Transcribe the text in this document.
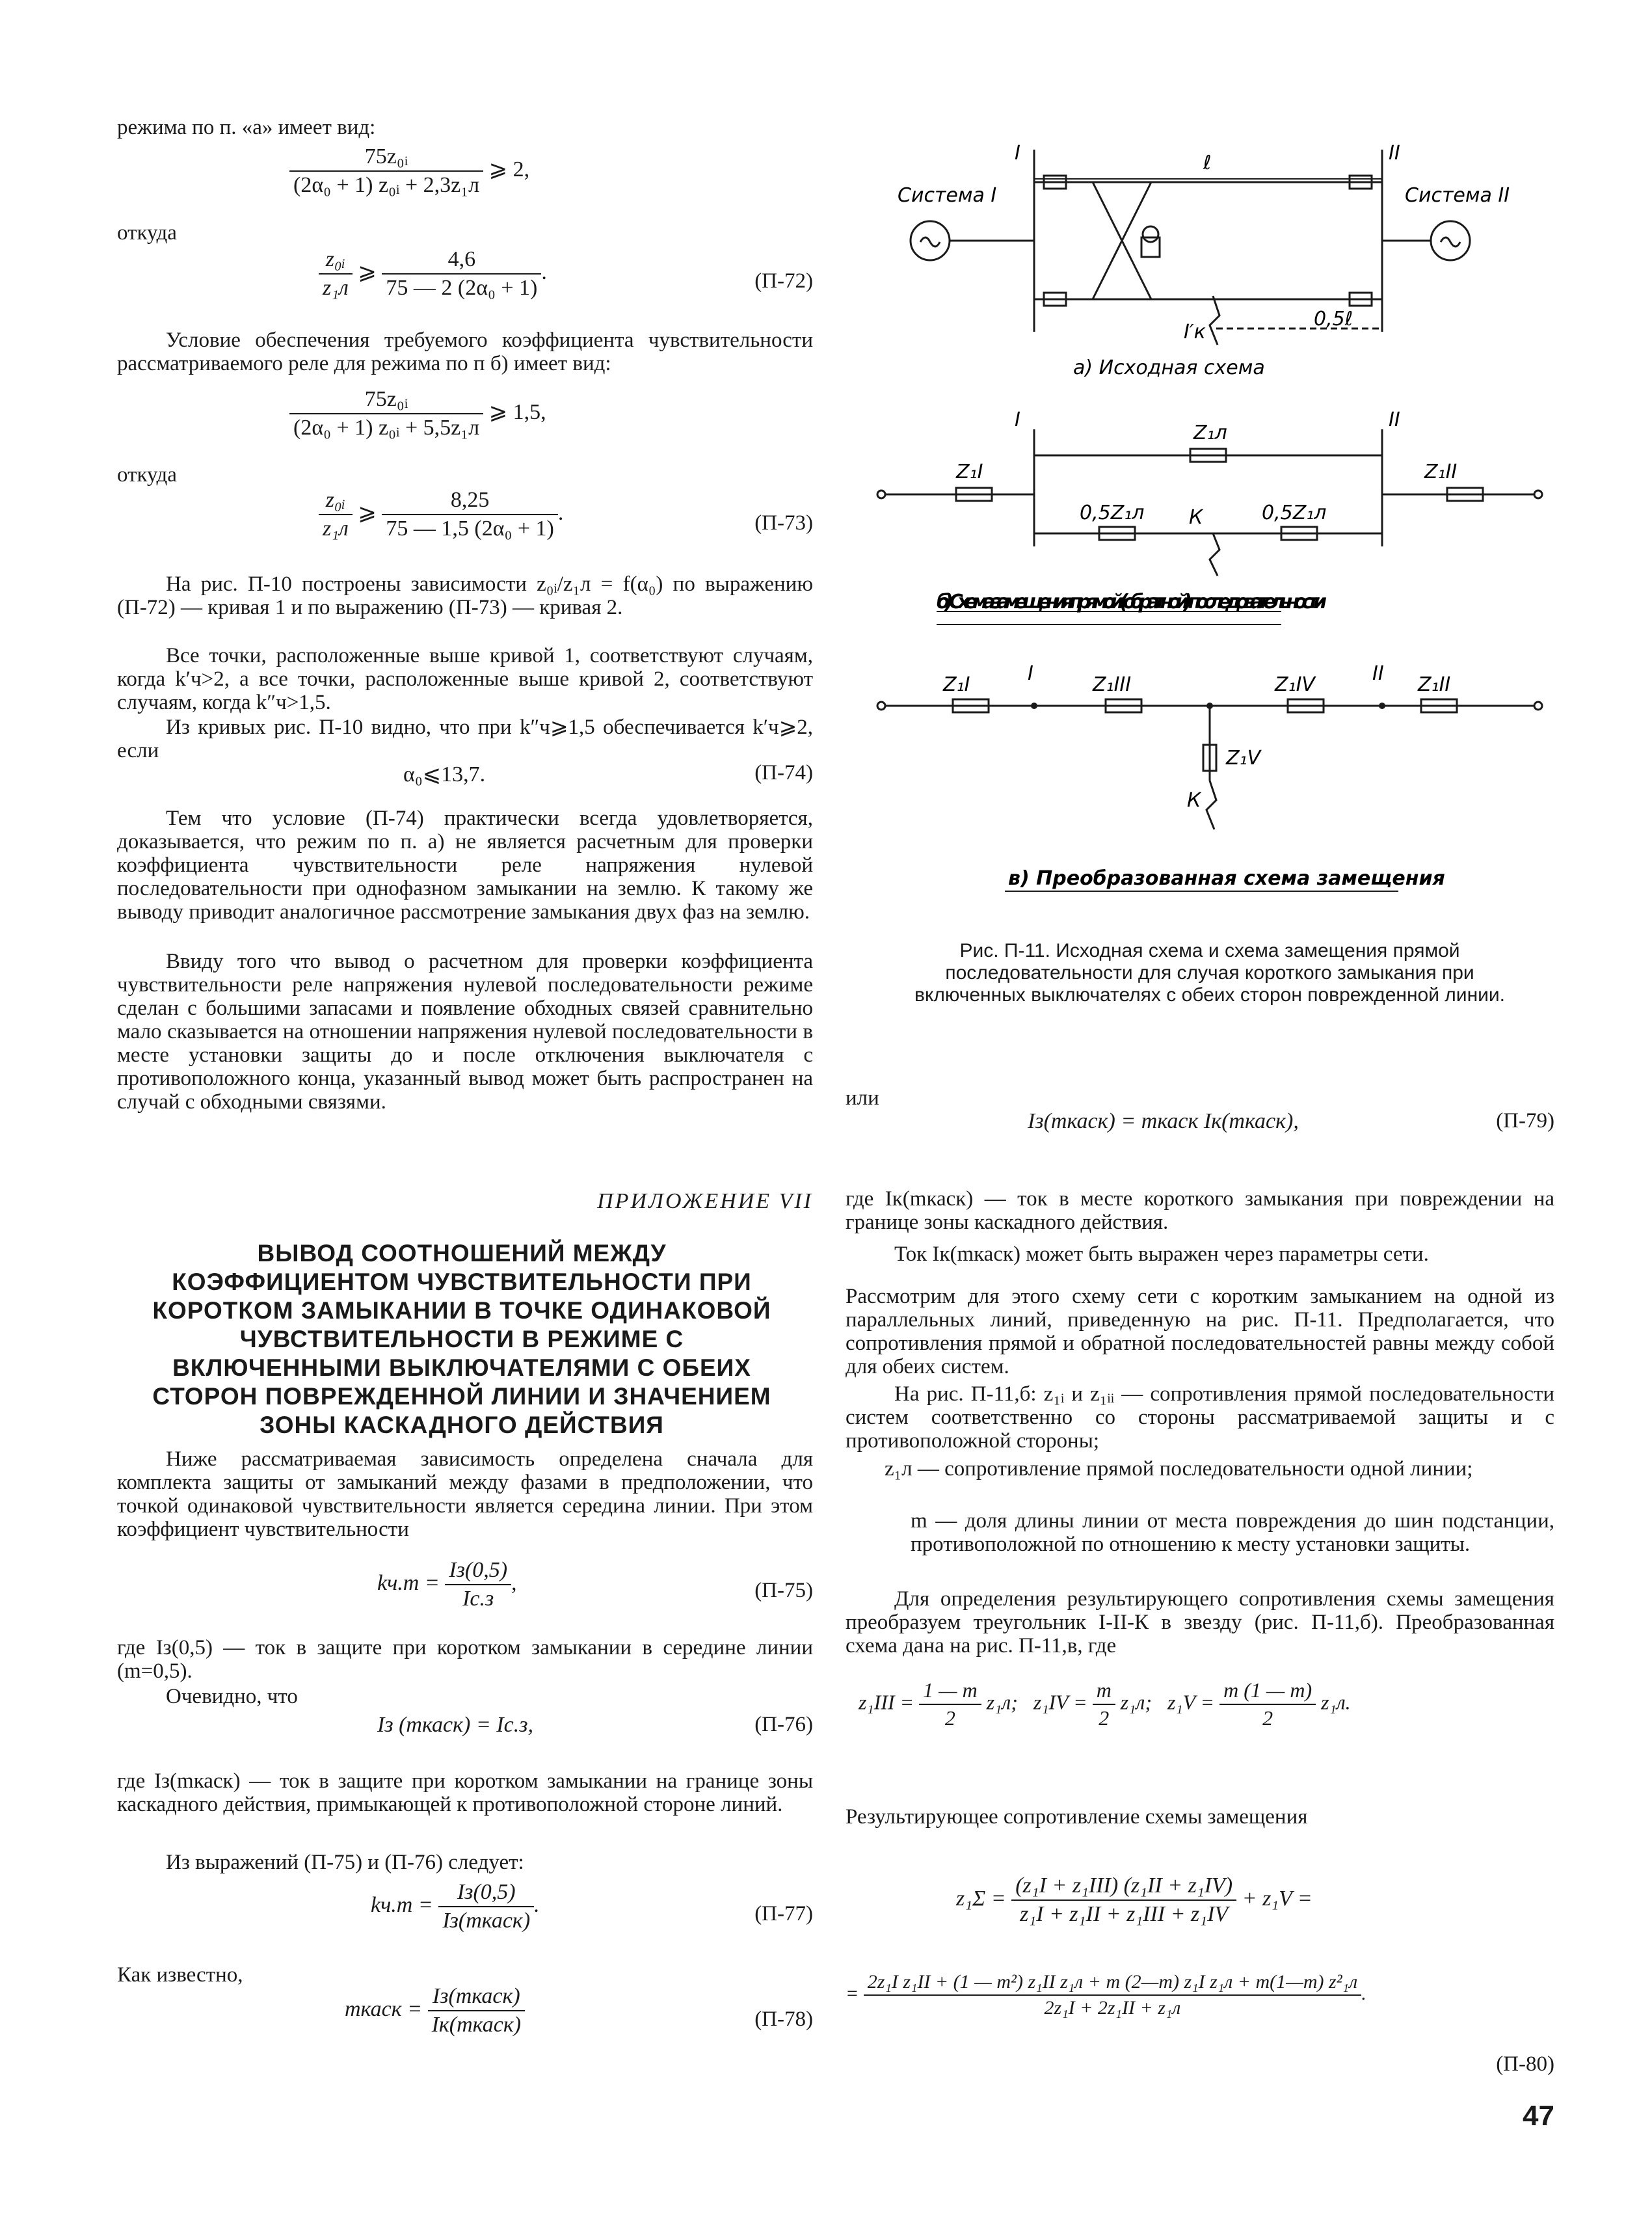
режима по п. «а» имеет вид:
$\frac{\text{75z₀ᵢ}}{\text{(2α₀ + 1) z₀ᵢ + 2,3z₁л}}$ ⩾ 2,
откуда
$\frac{\text{z₀ᵢ}}{\text{z₁л}}$ ⩾ $\frac{4,6}{\text{75 — 2 (2α₀ + 1)}}$ .	(П-72)
Условие обеспечения требуемого коэффициента чувствительности рассматриваемого реле для режима по п б) имеет вид:
$\frac{\text{75z₀ᵢ}}{\text{(2α₀ + 1) z₀ᵢ + 5,5z₁л}}$ ⩾ 1,5,
откуда
$\frac{\text{z₀ᵢ}}{\text{z₁л}}$ ⩾ $\frac{8,25}{\text{75 — 1,5 (2α₀ + 1)}}$ .	(П-73)
На рис. П-10 построены зависимости z₀ᵢ/z₁л = f(α₀) по выражению (П-72) — кривая 1 и по выражению (П-73) — кривая 2.
Все точки, расположенные выше кривой 1, соответствуют случаям, когда k′ч>2, а все точки, расположенные выше кривой 2, соответствуют случаям, когда k″ч>1,5.
Из кривых рис. П-10 видно, что при k″ч⩾1,5 обеспечивается k′ч⩾2, если
α₀⩽13,7.	(П-74)
Тем что условие (П-74) практически всегда удовлетворяется, доказывается, что режим по п. а) не является расчетным для проверки коэффициента чувствительности реле напряжения нулевой последовательности при однофазном замыкании на землю. К такому же выводу приводит аналогичное рассмотрение замыкания двух фаз на землю.
Ввиду того что вывод о расчетном для проверки коэффициента чувствительности реле напряжения нулевой последовательности режиме сделан с большими запасами и появление обходных связей сравнительно мало сказывается на отношении напряжения нулевой последовательности в месте установки защиты до и после отключения выключателя с противоположного конца, указанный вывод может быть распространен на случай с обходными связями.
ПРИЛОЖЕНИЕ VII
ВЫВОД СООТНОШЕНИЙ МЕЖДУ КОЭФФИЦИЕНТОМ ЧУВСТВИТЕЛЬНОСТИ ПРИ КОРОТКОМ ЗАМЫКАНИИ В ТОЧКЕ ОДИНАКОВОЙ ЧУВСТВИТЕЛЬНОСТИ В РЕЖИМЕ С ВКЛЮЧЕННЫМИ ВЫКЛЮЧАТЕЛЯМИ С ОБЕИХ СТОРОН ПОВРЕЖДЕННОЙ ЛИНИИ И ЗНАЧЕНИЕМ ЗОНЫ КАСКАДНОГО ДЕЙСТВИЯ
Ниже рассматриваемая зависимость определена сначала для комплекта защиты от замыканий между фазами в предположении, что точкой одинаковой чувствительности является середина линии. При этом коэффициент чувствительности
$kч.т = \frac{Iз(0,5)}{Iс.з}$ ,	(П-75)
где Iз(0,5) — ток в защите при коротком замыкании в середине линии (m=0,5).
Очевидно, что
Iз (mкаск) = Iс.з,	(П-76)
где Iз(mкаск) — ток в защите при коротком замыкании на границе зоны каскадного действия, примыкающей к противоположной стороне линий.
Из выражений (П-75) и (П-76) следует:
$kч.т = \frac{Iз(0,5)}{\text{Iз(mкаск)}}$ .	(П-77)
Как известно,
mкаск = $\frac{\text{Iз(mкаск)}}{\text{Iк(mкаск)}}$	(П-78)
I	II
ℓ
Система I	Система II
I′к
0,5ℓ
а) Исходная схема
I	II
Z₁л
Z₁I	Z₁II
0,5Z₁л	0,5Z₁л
К
б) Схема замещения прямой (обратной) последовательности
Z₁I	I	Z₁III	Z₁IV	II Z₁II
Z₁V
К
в) Преобразованная схема замещения
Рис. П-11. Исходная схема и схема замещения прямой последовательности для случая короткого замыкания при включенных выключателях с обеих сторон поврежденной линии.
или
Iз(mкаск) = mкаск Iк(mкаск),	(П-79)
где Iк(mкаск) — ток в месте короткого замыкания при повреждении на границе зоны каскадного действия.
Ток Iк(mкаск) может быть выражен через параметры сети.
Рассмотрим для этого схему сети с коротким замыканием на одной из параллельных линий, приведенную на рис. П-11. Предполагается, что сопротивления прямой и обратной последовательностей равны между собой для обеих систем.
На рис. П-11,б: z₁ᵢ и z₁ᵢᵢ — сопротивления прямой последовательности систем соответственно со стороны рассматриваемой защиты и с противоположной стороны;
z₁л — сопротивление прямой последовательности одной линии;
m — доля длины линии от места повреждения до шин подстанции, противоположной по отношению к месту установки защиты.
Для определения результирующего сопротивления схемы замещения преобразуем треугольник I-II-К в звезду (рис. П-11,б). Преобразованная схема дана на рис. П-11,в, где
$z_1III = \frac{1 — m}{2} z_1л$; $z_1IV = \frac{m}{2} z_1л$; $z_1V = \frac{m (1 — m)}{2} z_1л$.
Результирующее сопротивление схемы замещения
$z_1\Sigma = \frac{\text{(z₁I + z₁III) (z₁II + z₁IV)}}{\text{z₁I + z₁II + z₁III + z₁IV}} + z_1V$ =
=
2z₁I z₁II + (1 — m²) z₁II z₁л + m (2—m) z₁I z₁л + m(1—m) z²₁л
2z₁I + 2z₁II + z₁л
.
(П-80)
47
